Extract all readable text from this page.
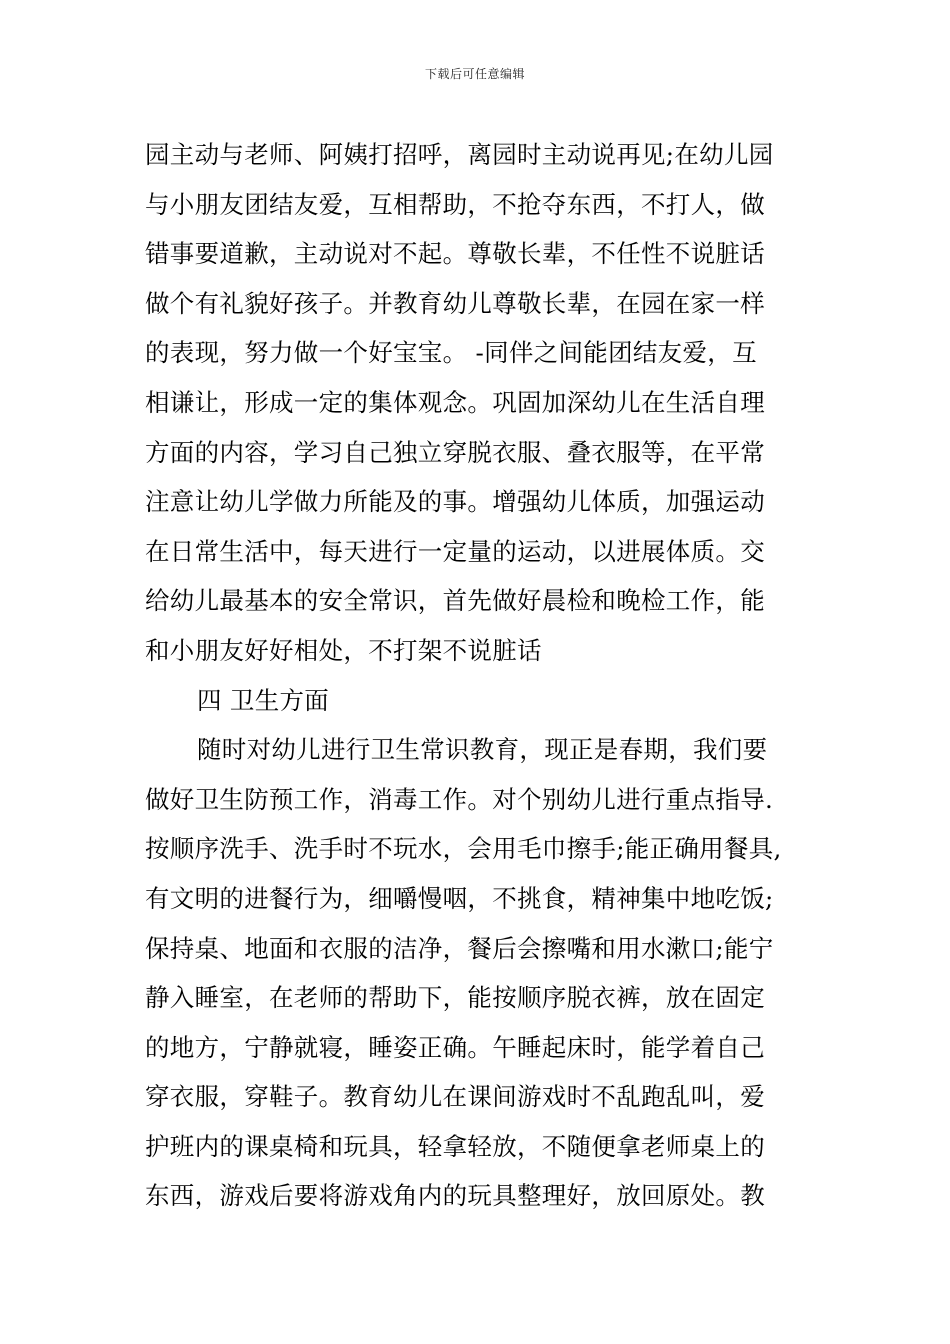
下载后可任意编辑
园主动与老师、阿姨打招呼，离园时主动说再见;在幼儿园
与小朋友团结友爱，互相帮助，不抢夺东西，不打人，做
错事要道歉，主动说对不起。尊敬长辈，不任性不说脏话
做个有礼貌好孩子。并教育幼儿尊敬长辈，在园在家一样
的表现，努力做一个好宝宝。 -同伴之间能团结友爱，互
相谦让，形成一定的集体观念。巩固加深幼儿在生活自理
方面的内容，学习自己独立穿脱衣服、叠衣服等，在平常
注意让幼儿学做力所能及的事。增强幼儿体质，加强运动
在日常生活中，每天进行一定量的运动，以进展体质。交
给幼儿最基本的安全常识，首先做好晨检和晚检工作，能
和小朋友好好相处，不打架不说脏话
四 卫生方面
随时对幼儿进行卫生常识教育，现正是春期，我们要
做好卫生防预工作，消毒工作。对个别幼儿进行重点指导.
按顺序洗手、洗手时不玩水，会用毛巾擦手;能正确用餐具,
有文明的进餐行为，细嚼慢咽，不挑食，精神集中地吃饭;
保持桌、地面和衣服的洁净，餐后会擦嘴和用水漱口;能宁
静入睡室，在老师的帮助下，能按顺序脱衣裤，放在固定
的地方，宁静就寝，睡姿正确。午睡起床时，能学着自己
穿衣服，穿鞋子。教育幼儿在课间游戏时不乱跑乱叫，爱
护班内的课桌椅和玩具，轻拿轻放，不随便拿老师桌上的
东西，游戏后要将游戏角内的玩具整理好，放回原处。教
